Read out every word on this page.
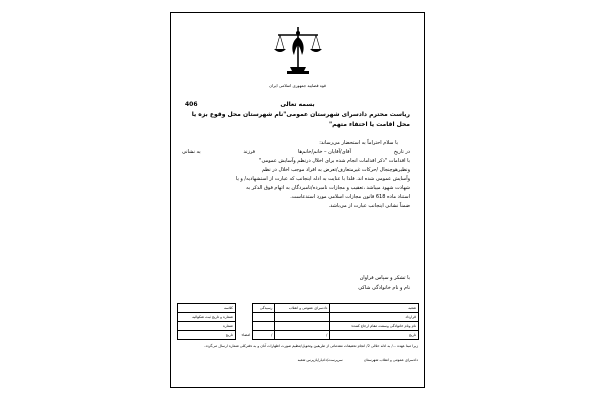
قوه قضاییه جمهوری اسلامی ایران
406	بسمه تعالی
ریاست محترم دادسرای شهرستان عمومی"نام شهرستان محل وقوع بزه یا محل اقامت یا اختفاء متهم"
با سلام احتراماً به استحضار می‌رساند:
در تاریخ
آقای/آقایان – خانم/خانم‌ها
فرزند
به نشانی
با اقدامات "ذکر اقدامات انجام شده برای اخلال درنظم وآسایش عمومی"
ونظیرهوچنجال /حرکات غیرمتعارف/تعرض به افراد موجب اخلال در نظم
وآسایش عمومی شده اند. فلذا با عنایت به ادله اینجانب که عبارت از استشهادیه/ و یا
شهادت شهود میباشد ،تعقیب و مجازات نامبرده/نامبردگان به اتهام فوق الذکر به
استناد ماده 618 قانون مجازات اسلامی مورد استدعاست.
ضمناً نشانی اینجانب عبارت از می‌باشد.
با تشکر و سپاس فراوان
نام و نام خانوادگی شاکی
شعبه	دادسرای عمومی و انقلاب	رسیدگی		کلاسه
قرارداد				شماره و تاریخ ثبت شکوائیه
نام ونام خانوادگی وسمت مقام ارجاع کننده:				شماره
تاریخ	/	/	امضاء	تاریخ
زیرا مبنا عهده .../ به ادله حلالی 2/ انجام تحقیقات مقدماتی از طریقین وتحویل/تنظیم صورت اظهارات آنان و به دفترکلی شماره ارسال می‌گردد.
دادسرای عمومی و انقلاب شهرستان سرپرست/دادیار/بازپرس شعبه
